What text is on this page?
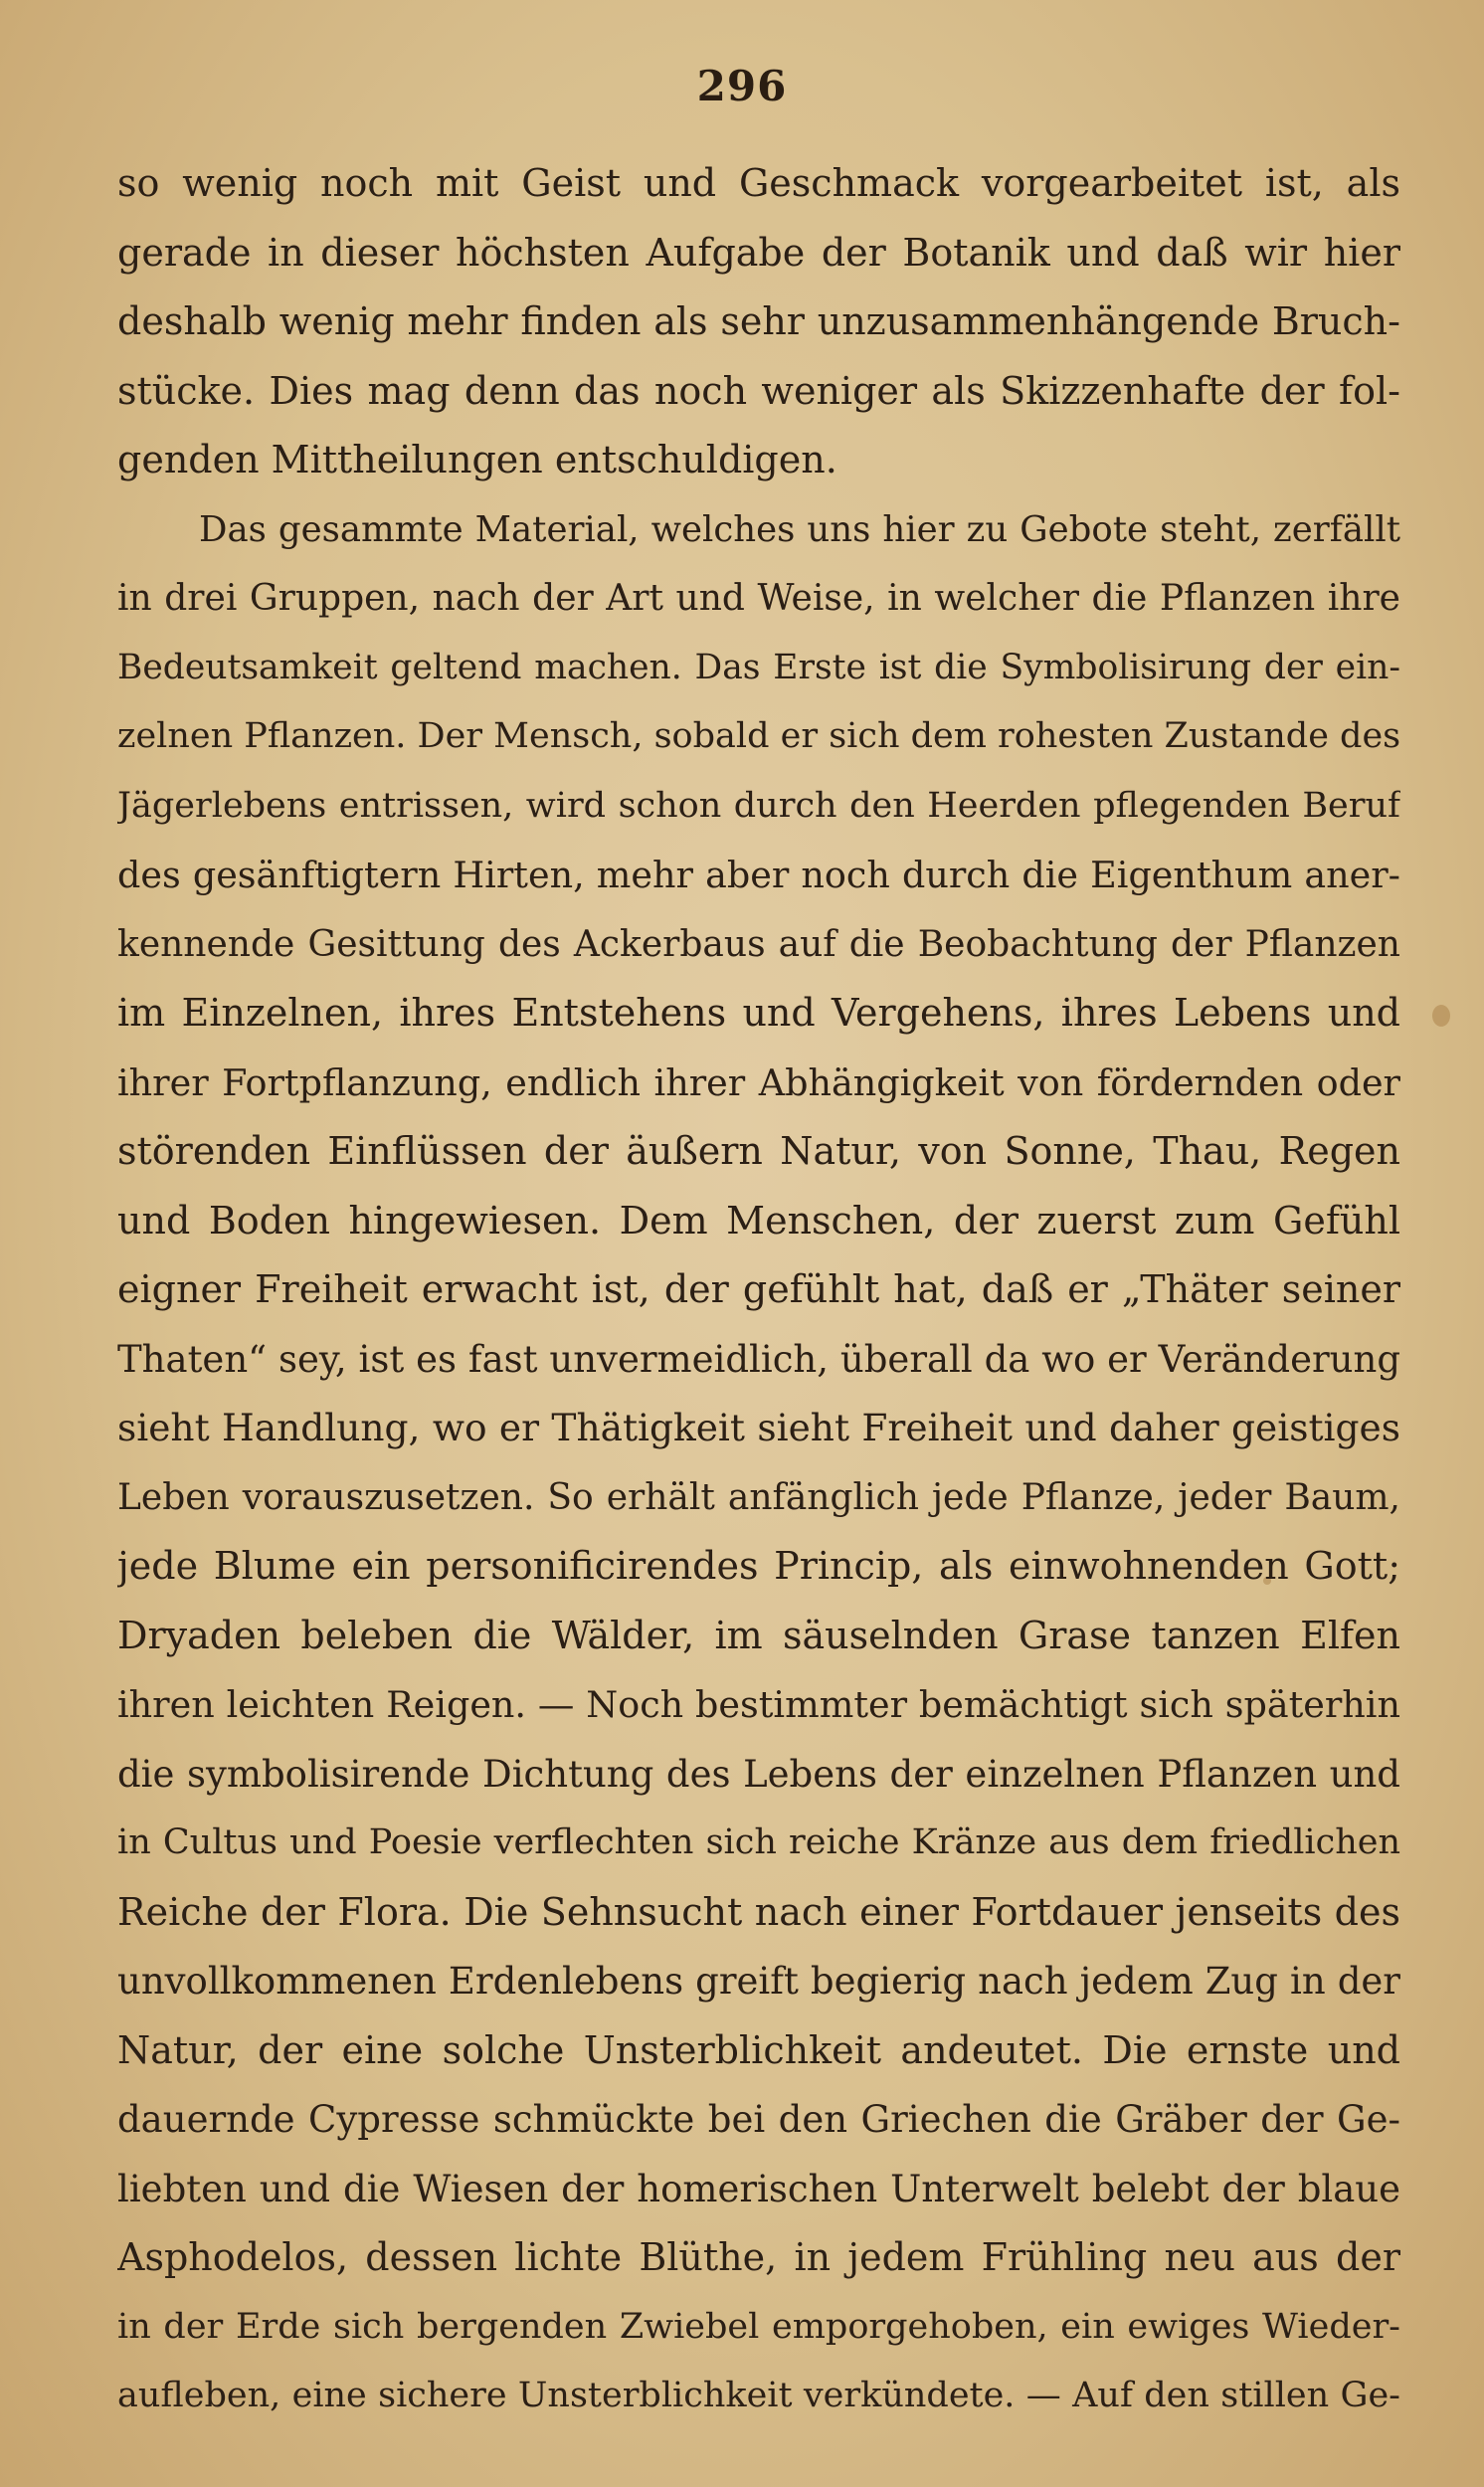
296
so wenig noch mit Geist und Geschmack vorgearbeitet ist, als
gerade in dieser höchsten Aufgabe der Botanik und daß wir hier
deshalb wenig mehr finden als sehr unzusammenhängende Bruch-
stücke. Dies mag denn das noch weniger als Skizzenhafte der fol-
genden Mittheilungen entschuldigen.
Das gesammte Material, welches uns hier zu Gebote steht, zerfällt
in drei Gruppen, nach der Art und Weise, in welcher die Pflanzen ihre
Bedeutsamkeit geltend machen. Das Erste ist die Symbolisirung der ein-
zelnen Pflanzen. Der Mensch, sobald er sich dem rohesten Zustande des
Jägerlebens entrissen, wird schon durch den Heerden pflegenden Beruf
des gesänftigtern Hirten, mehr aber noch durch die Eigenthum aner-
kennende Gesittung des Ackerbaus auf die Beobachtung der Pflanzen
im Einzelnen, ihres Entstehens und Vergehens, ihres Lebens und
ihrer Fortpflanzung, endlich ihrer Abhängigkeit von fördernden oder
störenden Einflüssen der äußern Natur, von Sonne, Thau, Regen
und Boden hingewiesen. Dem Menschen, der zuerst zum Gefühl
eigner Freiheit erwacht ist, der gefühlt hat, daß er „Thäter seiner
Thaten“ sey, ist es fast unvermeidlich, überall da wo er Veränderung
sieht Handlung, wo er Thätigkeit sieht Freiheit und daher geistiges
Leben vorauszusetzen. So erhält anfänglich jede Pflanze, jeder Baum,
jede Blume ein personificirendes Princip, als einwohnenden Gott;
Dryaden beleben die Wälder, im säuselnden Grase tanzen Elfen
ihren leichten Reigen. — Noch bestimmter bemächtigt sich späterhin
die symbolisirende Dichtung des Lebens der einzelnen Pflanzen und
in Cultus und Poesie verflechten sich reiche Kränze aus dem friedlichen
Reiche der Flora. Die Sehnsucht nach einer Fortdauer jenseits des
unvollkommenen Erdenlebens greift begierig nach jedem Zug in der
Natur, der eine solche Unsterblichkeit andeutet. Die ernste und
dauernde Cypresse schmückte bei den Griechen die Gräber der Ge-
liebten und die Wiesen der homerischen Unterwelt belebt der blaue
Asphodelos, dessen lichte Blüthe, in jedem Frühling neu aus der
in der Erde sich bergenden Zwiebel emporgehoben, ein ewiges Wieder-
aufleben, eine sichere Unsterblichkeit verkündete. — Auf den stillen Ge-
